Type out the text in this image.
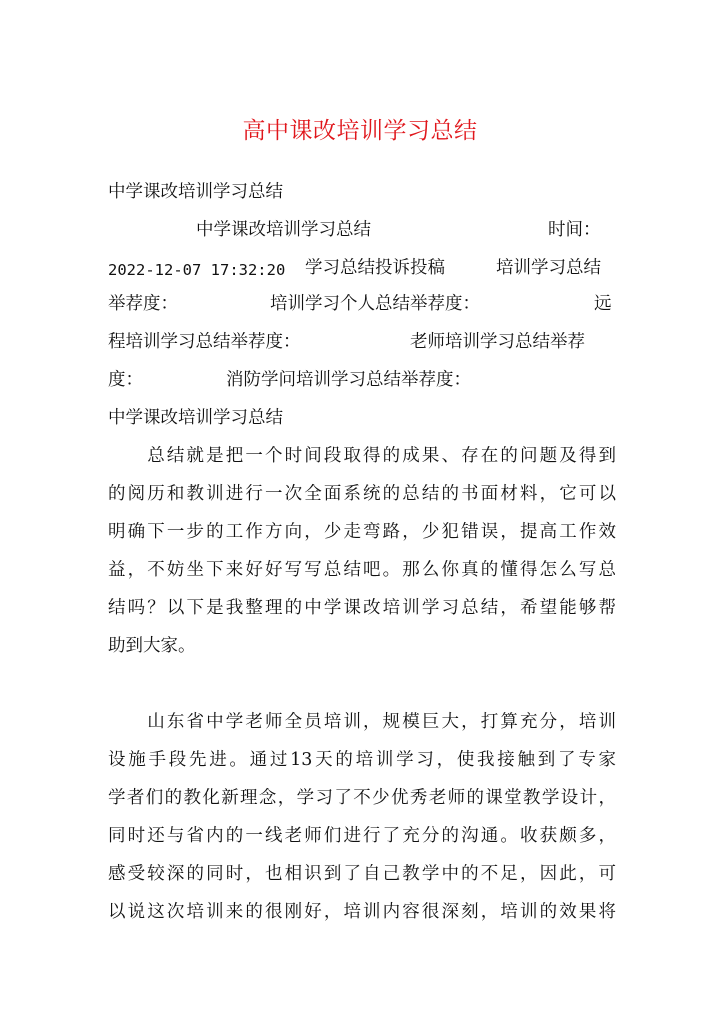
高中课改培训学习总结
中学课改培训学习总结
中学课改培训学习总结	时间：
2022-12-07 17:32:20 学习总结投诉投稿	培训学习总结
举荐度：	培训学习个人总结举荐度：	远
程培训学习总结举荐度：	老师培训学习总结举荐
度：	消防学问培训学习总结举荐度：
中学课改培训学习总结
　　总结就是把一个时间段取得的成果、存在的问题及得到
的阅历和教训进行一次全面系统的总结的书面材料，它可以
明确下一步的工作方向，少走弯路，少犯错误，提高工作效
益，不妨坐下来好好写写总结吧。那么你真的懂得怎么写总
结吗？以下是我整理的中学课改培训学习总结，希望能够帮
助到大家。
　　山东省中学老师全员培训，规模巨大，打算充分，培训
设施手段先进。通过13天的培训学习，使我接触到了专家
学者们的教化新理念，学习了不少优秀老师的课堂教学设计，
同时还与省内的一线老师们进行了充分的沟通。收获颇多，
感受较深的同时，也相识到了自己教学中的不足，因此，可
以说这次培训来的很刚好，培训内容很深刻，培训的效果将
